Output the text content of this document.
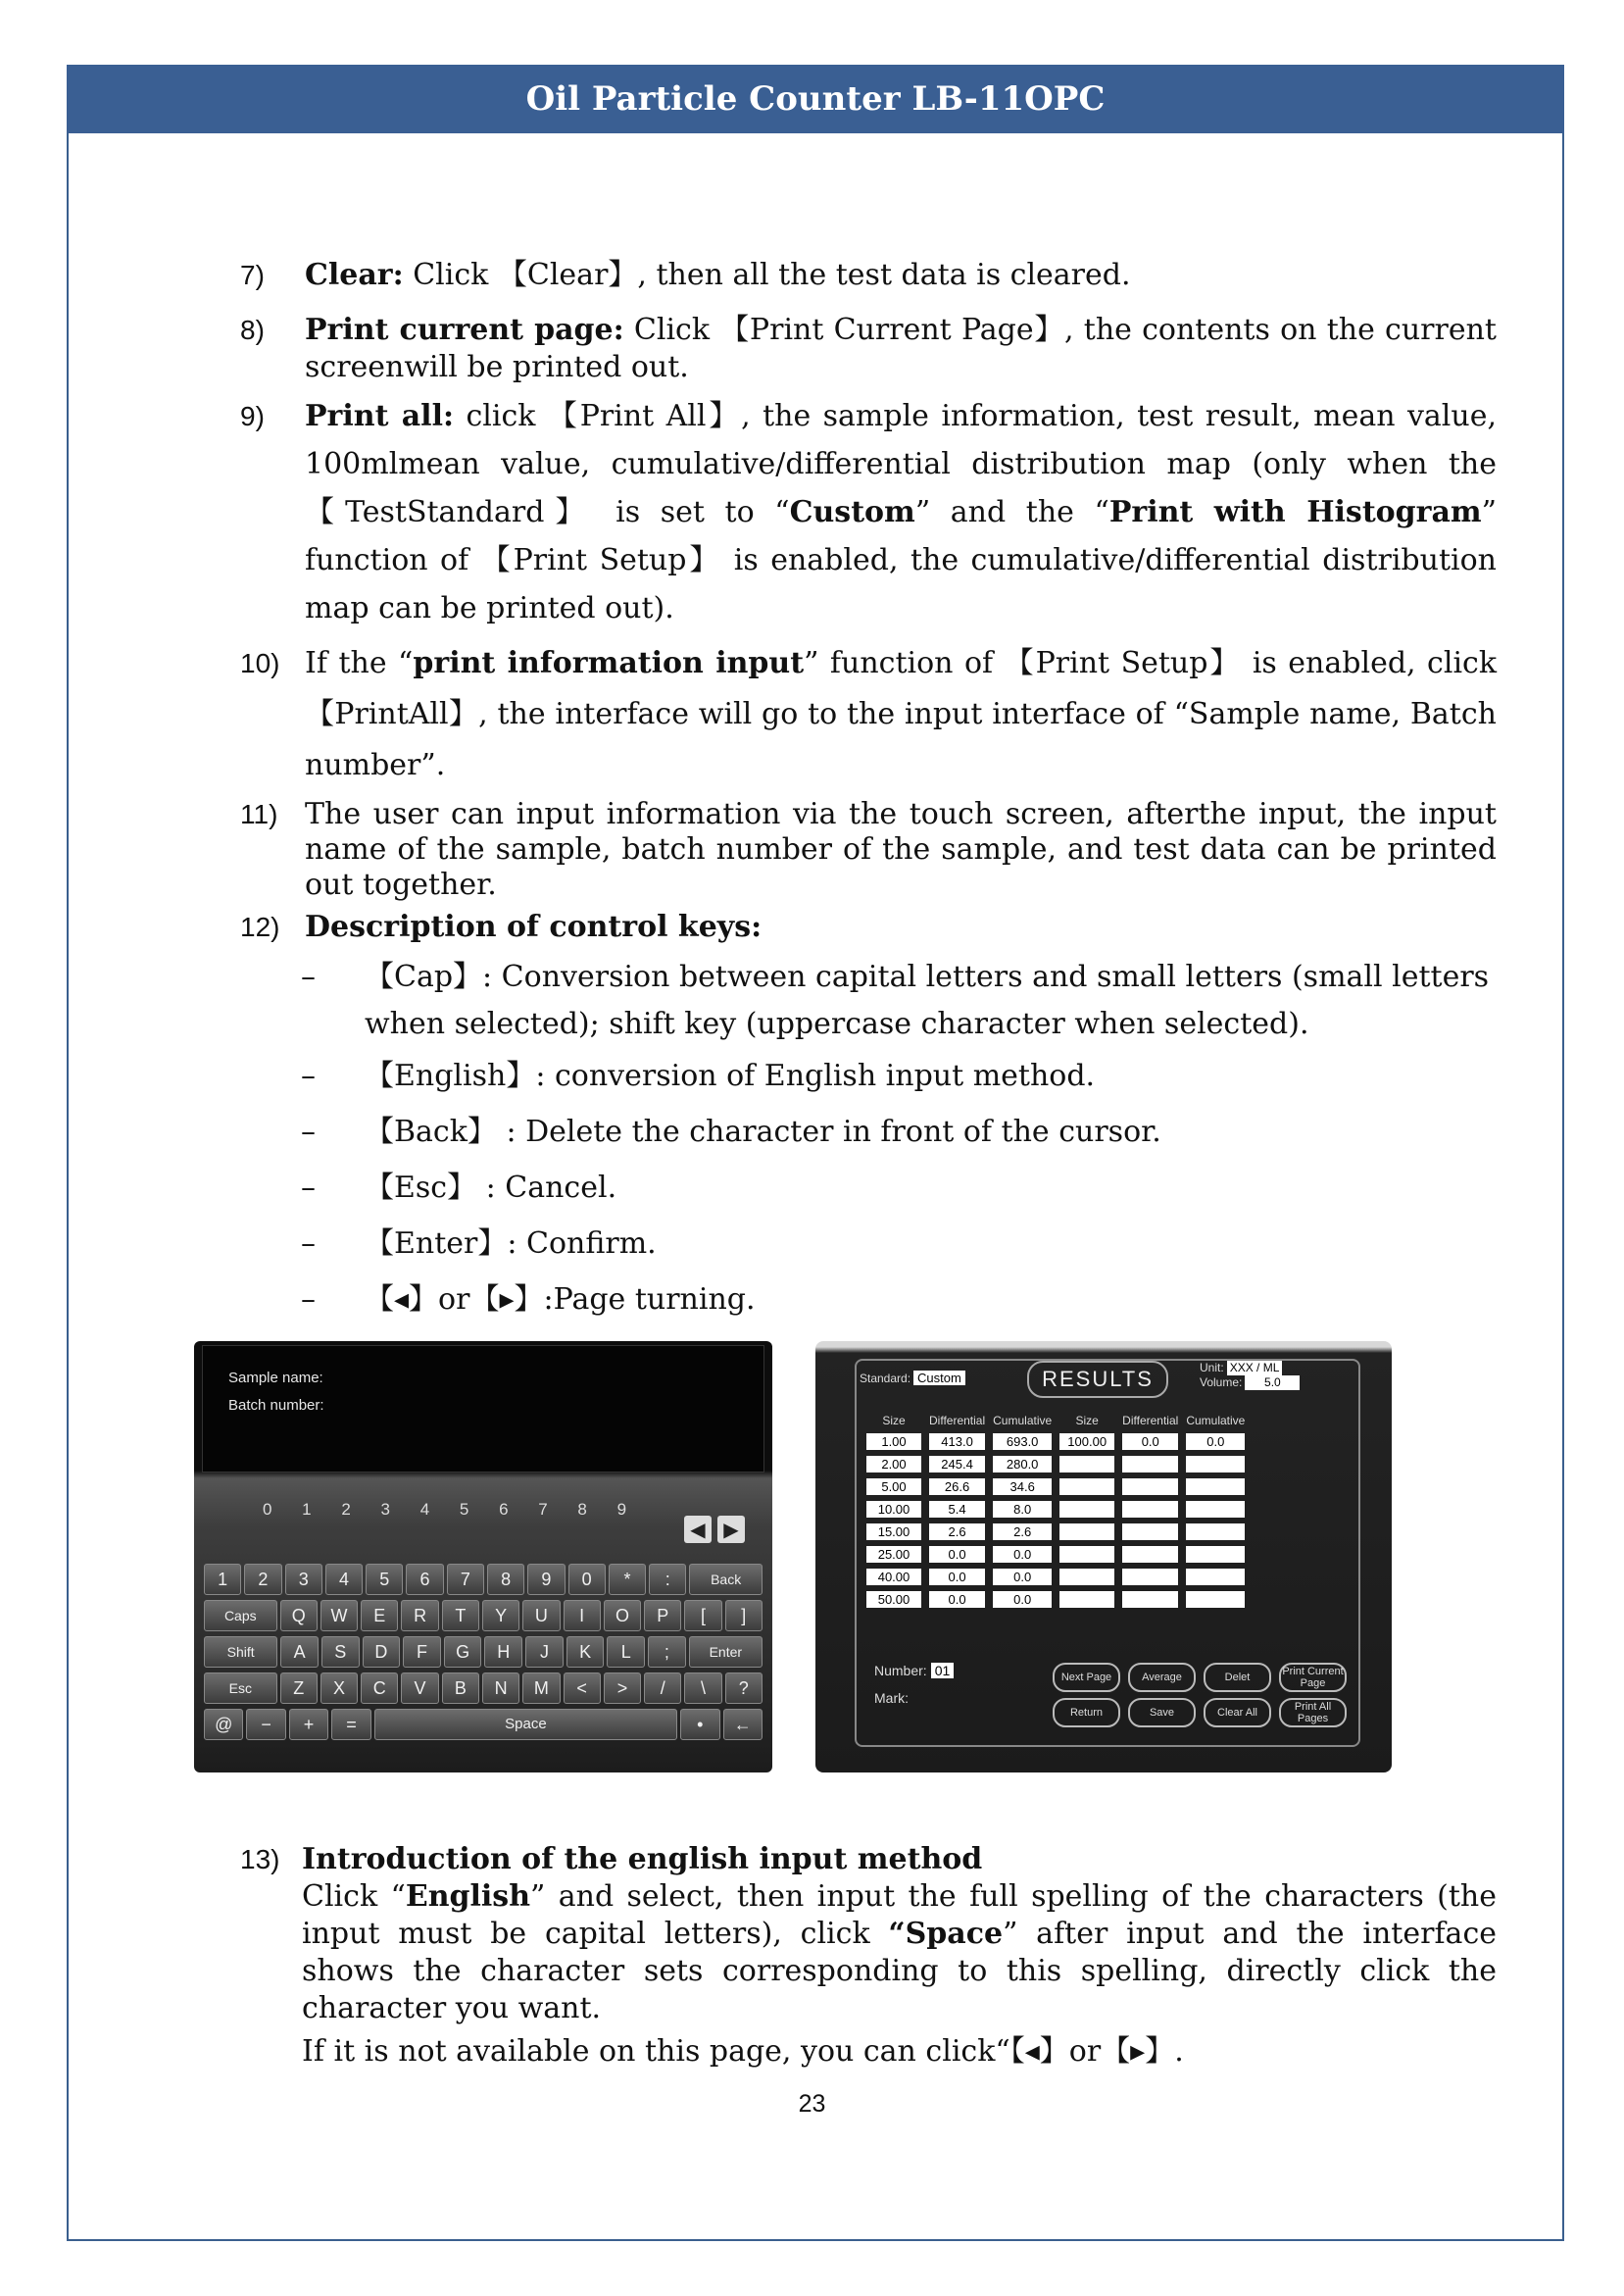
Oil Particle Counter LB-11OPC

7) Clear: Click 【Clear】, then all the test data is cleared.

8) Print current page: Click 【Print Current Page】, the contents on the current screenwill be printed out.

9) Print all: click 【Print All】, the sample information, test result, mean value, 100mlmean value, cumulative/differential distribution map (only when the 【TestStandard】 is set to “Custom” and the “Print with Histogram” function of 【Print Setup】 is enabled, the cumulative/differential distribution map can be printed out).

10) If the “print information input” function of 【Print Setup】 is enabled, click 【PrintAll】, the interface will go to the input interface of “Sample name, Batch number”.

11) The user can input information via the touch screen, afterthe input, the input name of the sample, batch number of the sample, and test data can be printed out together.

12) Description of control keys:

– 【Cap】: Conversion between capital letters and small letters (small letters when selected); shift key (uppercase character when selected).

– 【English】: conversion of English input method.

– 【Back】 : Delete the character in front of the cursor.

– 【Esc】 : Cancel.

– 【Enter】: Confirm.

– 【◂】or【▸】:Page turning.

Sample name:
Batch number:
0 1 2 3 4 5 6 7 8 9
◀ ▶
1	2	3	4	5	6	7	8	9	0	*	:	Back
Caps	Q	W	E	R	T	Y	U	I	O	P	[	]
Shift	A	S	D	F	G	H	J	K	L	;	Enter
Esc	Z	X	C	V	B	N	M	<	>	/	\	?
@	−	+	=	Space	•	←
Standard: Custom	RESULTS	Unit: XXX / ML
Volume: 5.0
Size	Differential	Cumulative	Size	Differential	Cumulative
1.00	413.0	693.0	100.00	0.0	0.0
2.00	245.4	280.0			
5.00	26.6	34.6			
10.00	5.4	8.0			
15.00	2.6	2.6			
25.00	0.0	0.0			
40.00	0.0	0.0			
50.00	0.0	0.0			
Number: 01
Mark:
Next Page	Average	Delet	Print Current Page
Return	Save	Clear All	Print All Pages

13) Introduction of the english input method
Click “English” and select, then input the full spelling of the characters (the input must be capital letters), click “Space” after input and the interface shows the character sets corresponding to this spelling, directly click the character you want.

If it is not available on this page, you can click“【◂】or【▸】.

23
